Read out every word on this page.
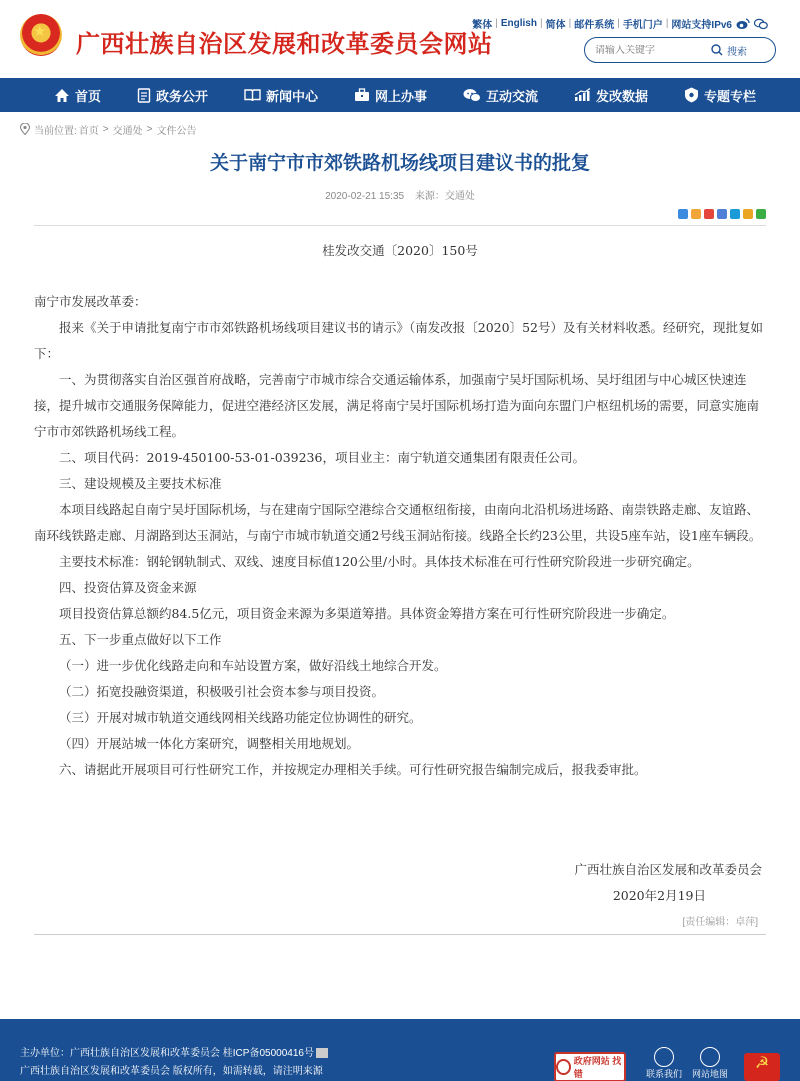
★
广西壮族自治区发展和改革委员会网站
繁体 | English | 简体 | 邮件系统 | 手机门户 | 网站支持IPv6
请输入关键字
搜索
首页	政务公开	新闻中心	网上办事	互动交流	发改数据	专题专栏
当前位置: 首页 > 交通处 > 文件公告
关于南宁市市郊铁路机场线项目建议书的批复
2020-02-21 15:35 来源：交通处
桂发改交通〔2020〕150号

南宁市发展改革委：

报来《关于申请批复南宁市市郊铁路机场线项目建议书的请示》（南发改报〔2020〕52号）及有关材料收悉。经研究，现批复如下：

一、为贯彻落实自治区强首府战略，完善南宁市城市综合交通运输体系，加强南宁吴圩国际机场、吴圩组团与中心城区快速连接，提升城市交通服务保障能力，促进空港经济区发展，满足将南宁吴圩国际机场打造为面向东盟门户枢纽机场的需要，同意实施南宁市市郊铁路机场线工程。

二、项目代码：2019-450100-53-01-039236，项目业主：南宁轨道交通集团有限责任公司。

三、建设规模及主要技术标准

本项目线路起自南宁吴圩国际机场，与在建南宁国际空港综合交通枢纽衔接，由南向北沿机场进场路、南崇铁路走廊、友谊路、南环线铁路走廊、月湖路到达玉洞站，与南宁市城市轨道交通2号线玉洞站衔接。线路全长约23公里，共设5座车站，设1座车辆段。

主要技术标准：钢轮钢轨制式、双线、速度目标值120公里/小时。具体技术标准在可行性研究阶段进一步研究确定。

四、投资估算及资金来源

项目投资估算总额约84.5亿元，项目资金来源为多渠道筹措。具体资金筹措方案在可行性研究阶段进一步确定。

五、下一步重点做好以下工作

（一）进一步优化线路走向和车站设置方案，做好沿线土地综合开发。

（二）拓宽投融资渠道，积极吸引社会资本参与项目投资。

（三）开展对城市轨道交通线网相关线路功能定位协调性的研究。

（四）开展站城一体化方案研究，调整相关用地规划。

六、请据此开展项目可行性研究工作，并按规定办理相关手续。可行性研究报告编制完成后，报我委审批。

广西壮族自治区发展和改革委员会
2020年2月19日
[责任编辑：卓萍]
主办单位：广西壮族自治区发展和改革委员会 桂ICP备05000416号
广西壮族自治区发展和改革委员会 版权所有，如需转载，请注明来源
政府网站 找错	联系我们 网站地图
☭
